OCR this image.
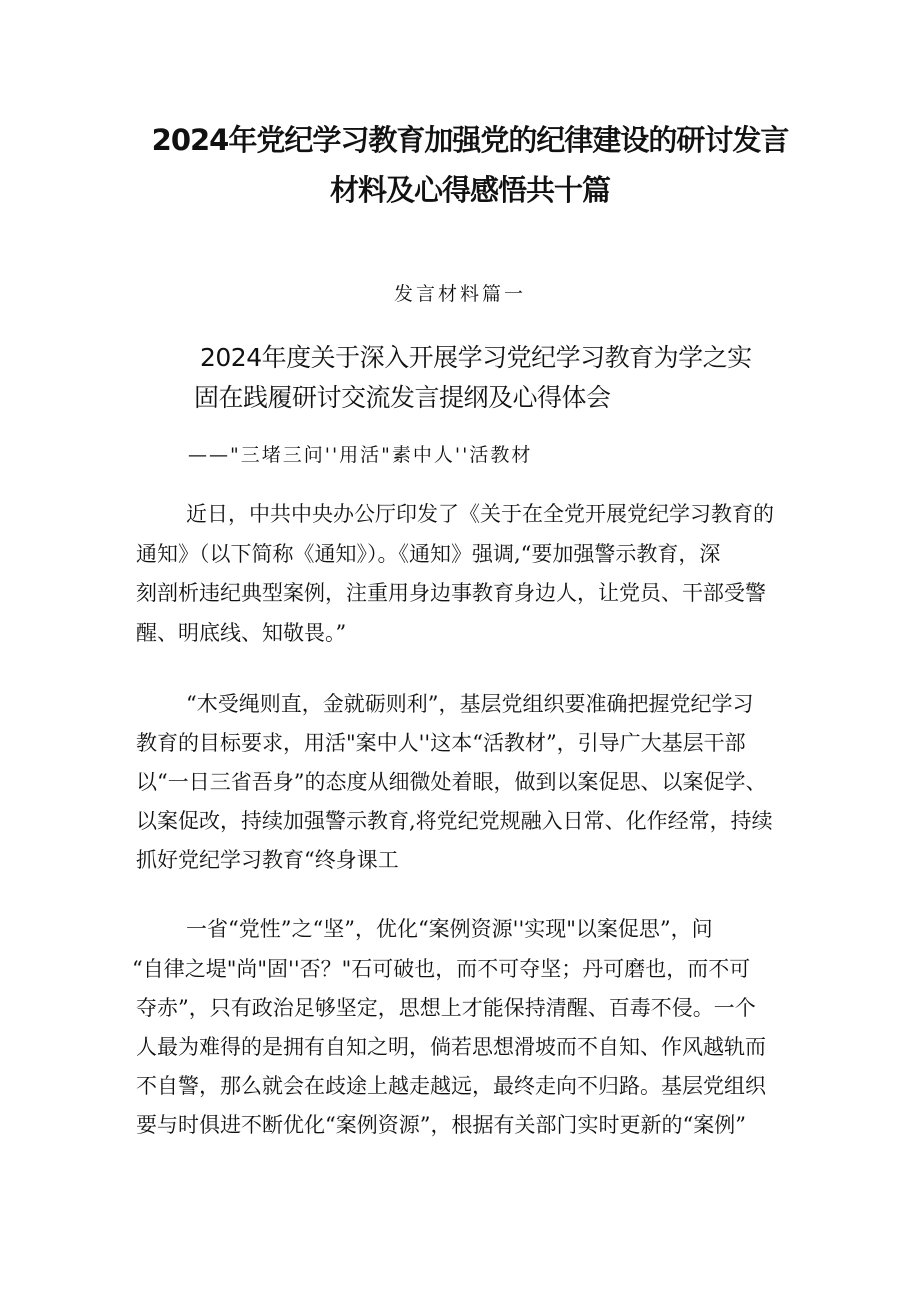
2024年党纪学习教育加强党的纪律建设的研讨发言
材料及心得感悟共十篇
发言材料篇一
2024年度关于深入开展学习党纪学习教育为学之实
固在践履研讨交流发言提纲及心得体会
——"三堵三问''用活"素中人''活教材
近日，中共中央办公厅印发了《关于在全党开展党纪学习教育的
通知》（以下简称《通知》）。《通知》强调,“要加强警示教育，深
刻剖析违纪典型案例，注重用身边事教育身边人，让党员、干部受警
醒、明底线、知敬畏。”
“木受绳则直，金就砺则利”，基层党组织要准确把握党纪学习
教育的目标要求，用活"案中人''这本“活教材”，引导广大基层干部
以“一日三省吾身”的态度从细微处着眼，做到以案促思、以案促学、
以案促改，持续加强警示教育,将党纪党规融入日常、化作经常，持续
抓好党纪学习教育“终身课工
一省“党性”之“坚”，优化“案例资源''实现"以案促思”，问
“自律之堤"尚"固''否？"石可破也，而不可夺坚；丹可磨也，而不可
夺赤”，只有政治足够坚定，思想上才能保持清醒、百毒不侵。一个
人最为难得的是拥有自知之明，倘若思想滑坡而不自知、作风越轨而
不自警，那么就会在歧途上越走越远，最终走向不归路。基层党组织
要与时俱进不断优化“案例资源”，根据有关部门实时更新的“案例”
